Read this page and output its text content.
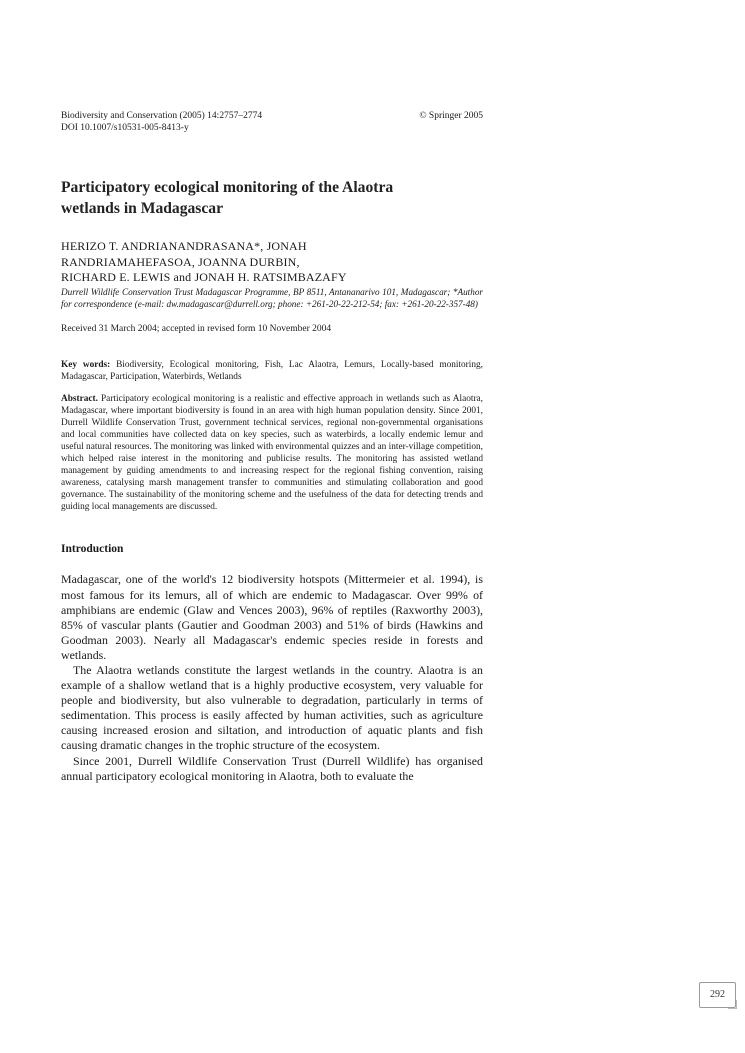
Biodiversity and Conservation (2005) 14:2757–2774	© Springer 2005
DOI 10.1007/s10531-005-8413-y
Participatory ecological monitoring of the Alaotra
wetlands in Madagascar
HERIZO T. ANDRIANANDRASANA*, JONAH
RANDRIAMAHEFASOA, JOANNA DURBIN,
RICHARD E. LEWIS and JONAH H. RATSIMBAZAFY
Durrell Wildlife Conservation Trust Madagascar Programme, BP 8511, Antananarivo 101, Madagascar; *Author for correspondence (e-mail: dw.madagascar@durrell.org; phone: +261-20-22-212-54; fax: +261-20-22-357-48)
Received 31 March 2004; accepted in revised form 10 November 2004
Key words: Biodiversity, Ecological monitoring, Fish, Lac Alaotra, Lemurs, Locally-based monitoring, Madagascar, Participation, Waterbirds, Wetlands
Abstract. Participatory ecological monitoring is a realistic and effective approach in wetlands such as Alaotra, Madagascar, where important biodiversity is found in an area with high human population density. Since 2001, Durrell Wildlife Conservation Trust, government technical services, regional non-governmental organisations and local communities have collected data on key species, such as waterbirds, a locally endemic lemur and useful natural resources. The monitoring was linked with environmental quizzes and an inter-village competition, which helped raise interest in the monitoring and publicise results. The monitoring has assisted wetland management by guiding amendments to and increasing respect for the regional fishing convention, raising awareness, catalysing marsh management transfer to communities and stimulating collaboration and good governance. The sustainability of the monitoring scheme and the usefulness of the data for detecting trends and guiding local managements are discussed.
Introduction

Madagascar, one of the world's 12 biodiversity hotspots (Mittermeier et al. 1994), is most famous for its lemurs, all of which are endemic to Madagascar. Over 99% of amphibians are endemic (Glaw and Vences 2003), 96% of reptiles (Raxworthy 2003), 85% of vascular plants (Gautier and Goodman 2003) and 51% of birds (Hawkins and Goodman 2003). Nearly all Madagascar's endemic species reside in forests and wetlands.

The Alaotra wetlands constitute the largest wetlands in the country. Alaotra is an example of a shallow wetland that is a highly productive ecosystem, very valuable for people and biodiversity, but also vulnerable to degradation, particularly in terms of sedimentation. This process is easily affected by human activities, such as agriculture causing increased erosion and siltation, and introduction of aquatic plants and fish causing dramatic changes in the trophic structure of the ecosystem.

Since 2001, Durrell Wildlife Conservation Trust (Durrell Wildlife) has organised annual participatory ecological monitoring in Alaotra, both to evaluate the

292
